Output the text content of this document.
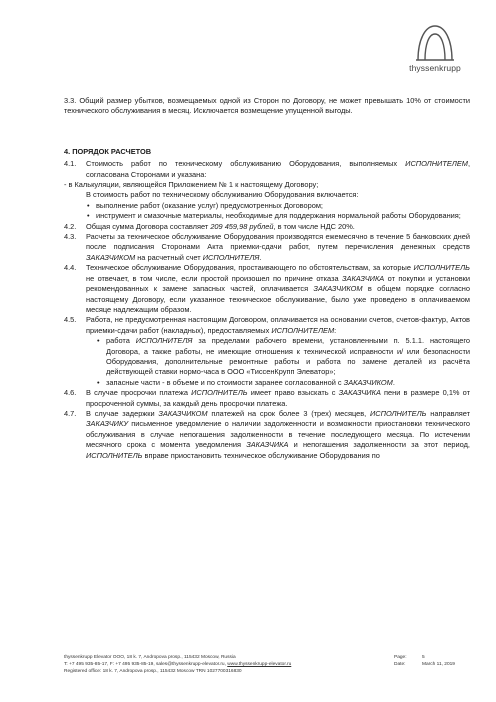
thyssenkrupp

3.3. Общий размер убытков, возмещаемых одной из Сторон по Договору, не может превышать 10% от стоимости технического обслуживания в месяц. Исключается возмещение упущенной выгоды.

4. ПОРЯДОК РАСЧЕТОВ
4.1. Стоимость работ по техническому обслуживанию Оборудования, выполняемых ИСПОЛНИТЕЛЕМ, согласована Сторонами и указана:
- в Калькуляции, являющейся Приложением № 1 к настоящему Договору;
В стоимость работ по техническому обслуживанию Оборудования включается:
• выполнение работ (оказание услуг) предусмотренных Договором;
• инструмент и смазочные материалы, необходимые для поддержания нормальной работы Оборудования;
4.2. Общая сумма Договора составляет 209 459,98 рублей, в том числе НДС 20%.
4.3. Расчеты за техническое обслуживание Оборудования производятся ежемесячно в течение 5 банковских дней после подписания Сторонами Акта приемки-сдачи работ, путем перечисления денежных средств ЗАКАЗЧИКОМ на расчетный счет ИСПОЛНИТЕЛЯ.
4.4. Техническое обслуживание Оборудования, простаивающего по обстоятельствам, за которые ИСПОЛНИТЕЛЬ не отвечает, в том числе, если простой произошел по причине отказа ЗАКАЗЧИКА от покупки и установки рекомендованных к замене запасных частей, оплачивается ЗАКАЗЧИКОМ в общем порядке согласно настоящему Договору, если указанное техническое обслуживание, было уже проведено в оплачиваемом месяце надлежащим образом.
4.5. Работа, не предусмотренная настоящим Договором, оплачивается на основании счетов, счетов-фактур, Актов приемки-сдачи работ (накладных), предоставляемых ИСПОЛНИТЕЛЕМ:
• работа ИСПОЛНИТЕЛЯ за пределами рабочего времени, установленными п. 5.1.1. настоящего Договора, а также работы, не имеющие отношения к технической исправности и/ или безопасности Оборудования, дополнительные ремонтные работы и работа по замене деталей из расчёта действующей ставки нормо-часа в ООО «ТиссенКрупп Элеватор»;
• запасные части - в объеме и по стоимости заранее согласованной с ЗАКАЗЧИКОМ.
4.6. В случае просрочки платежа ИСПОЛНИТЕЛЬ имеет право взыскать с ЗАКАЗЧИКА пени в размере 0,1% от просроченной суммы, за каждый день просрочки платежа.
4.7. В случае задержки ЗАКАЗЧИКОМ платежей на срок более 3 (трех) месяцев, ИСПОЛНИТЕЛЬ направляет ЗАКАЗЧИКУ письменное уведомление о наличии задолженности и возможности приостановки технического обслуживания в случае непогашения задолженности в течение последующего месяца. По истечении месячного срока с момента уведомления ЗАКАЗЧИКА и непогашения задолженности за этот период, ИСПОЛНИТЕЛЬ вправе приостановить техническое обслуживание Оборудования по
thyssenkrupp Elevator OOO, 18 k. 7, Andropova prosp., 115432 Moscow, Russia
T: +7 495 935-85-17, F: +7 495 935-85-19, sales@thyssenkrupp-elevator.ru, www.thyssenkrupp-elevator.ru
Registered office: 18 k. 7, Andropova prosp., 115432 Moscow TRN 1027700316830
Page:	5
Date:	March 11, 2019
